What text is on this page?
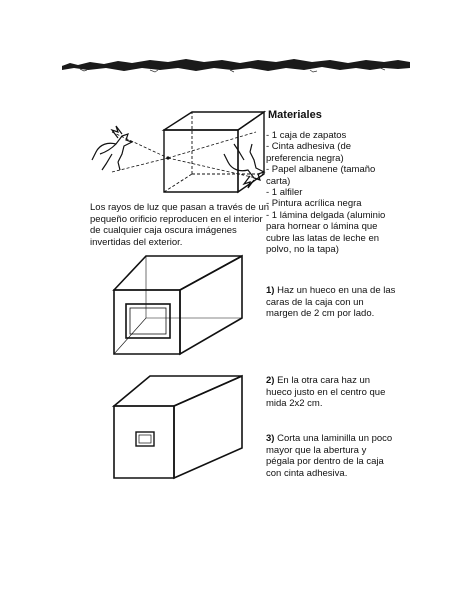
Los rayos de luz que pasan a través de un pequeño orificio reproducen en el interior de cualquier caja oscura imágenes invertidas del exterior.

Materiales
- 1 caja de zapatos
- Cinta adhesiva (de preferencia negra)
- Papel albanene (tamaño carta)
- 1 alfiler
- Pintura acrílica negra
- 1 lámina delgada (aluminio para hornear o lámina que cubre las latas de leche en polvo, no la tapa)

1) Haz un hueco en una de las caras de la caja con un margen de 2 cm por lado.

2) En la otra cara haz un hueco justo en el centro que mida 2x2 cm.

3) Corta una laminilla un poco mayor que la abertura y pégala por dentro de la caja con cinta adhesiva.
